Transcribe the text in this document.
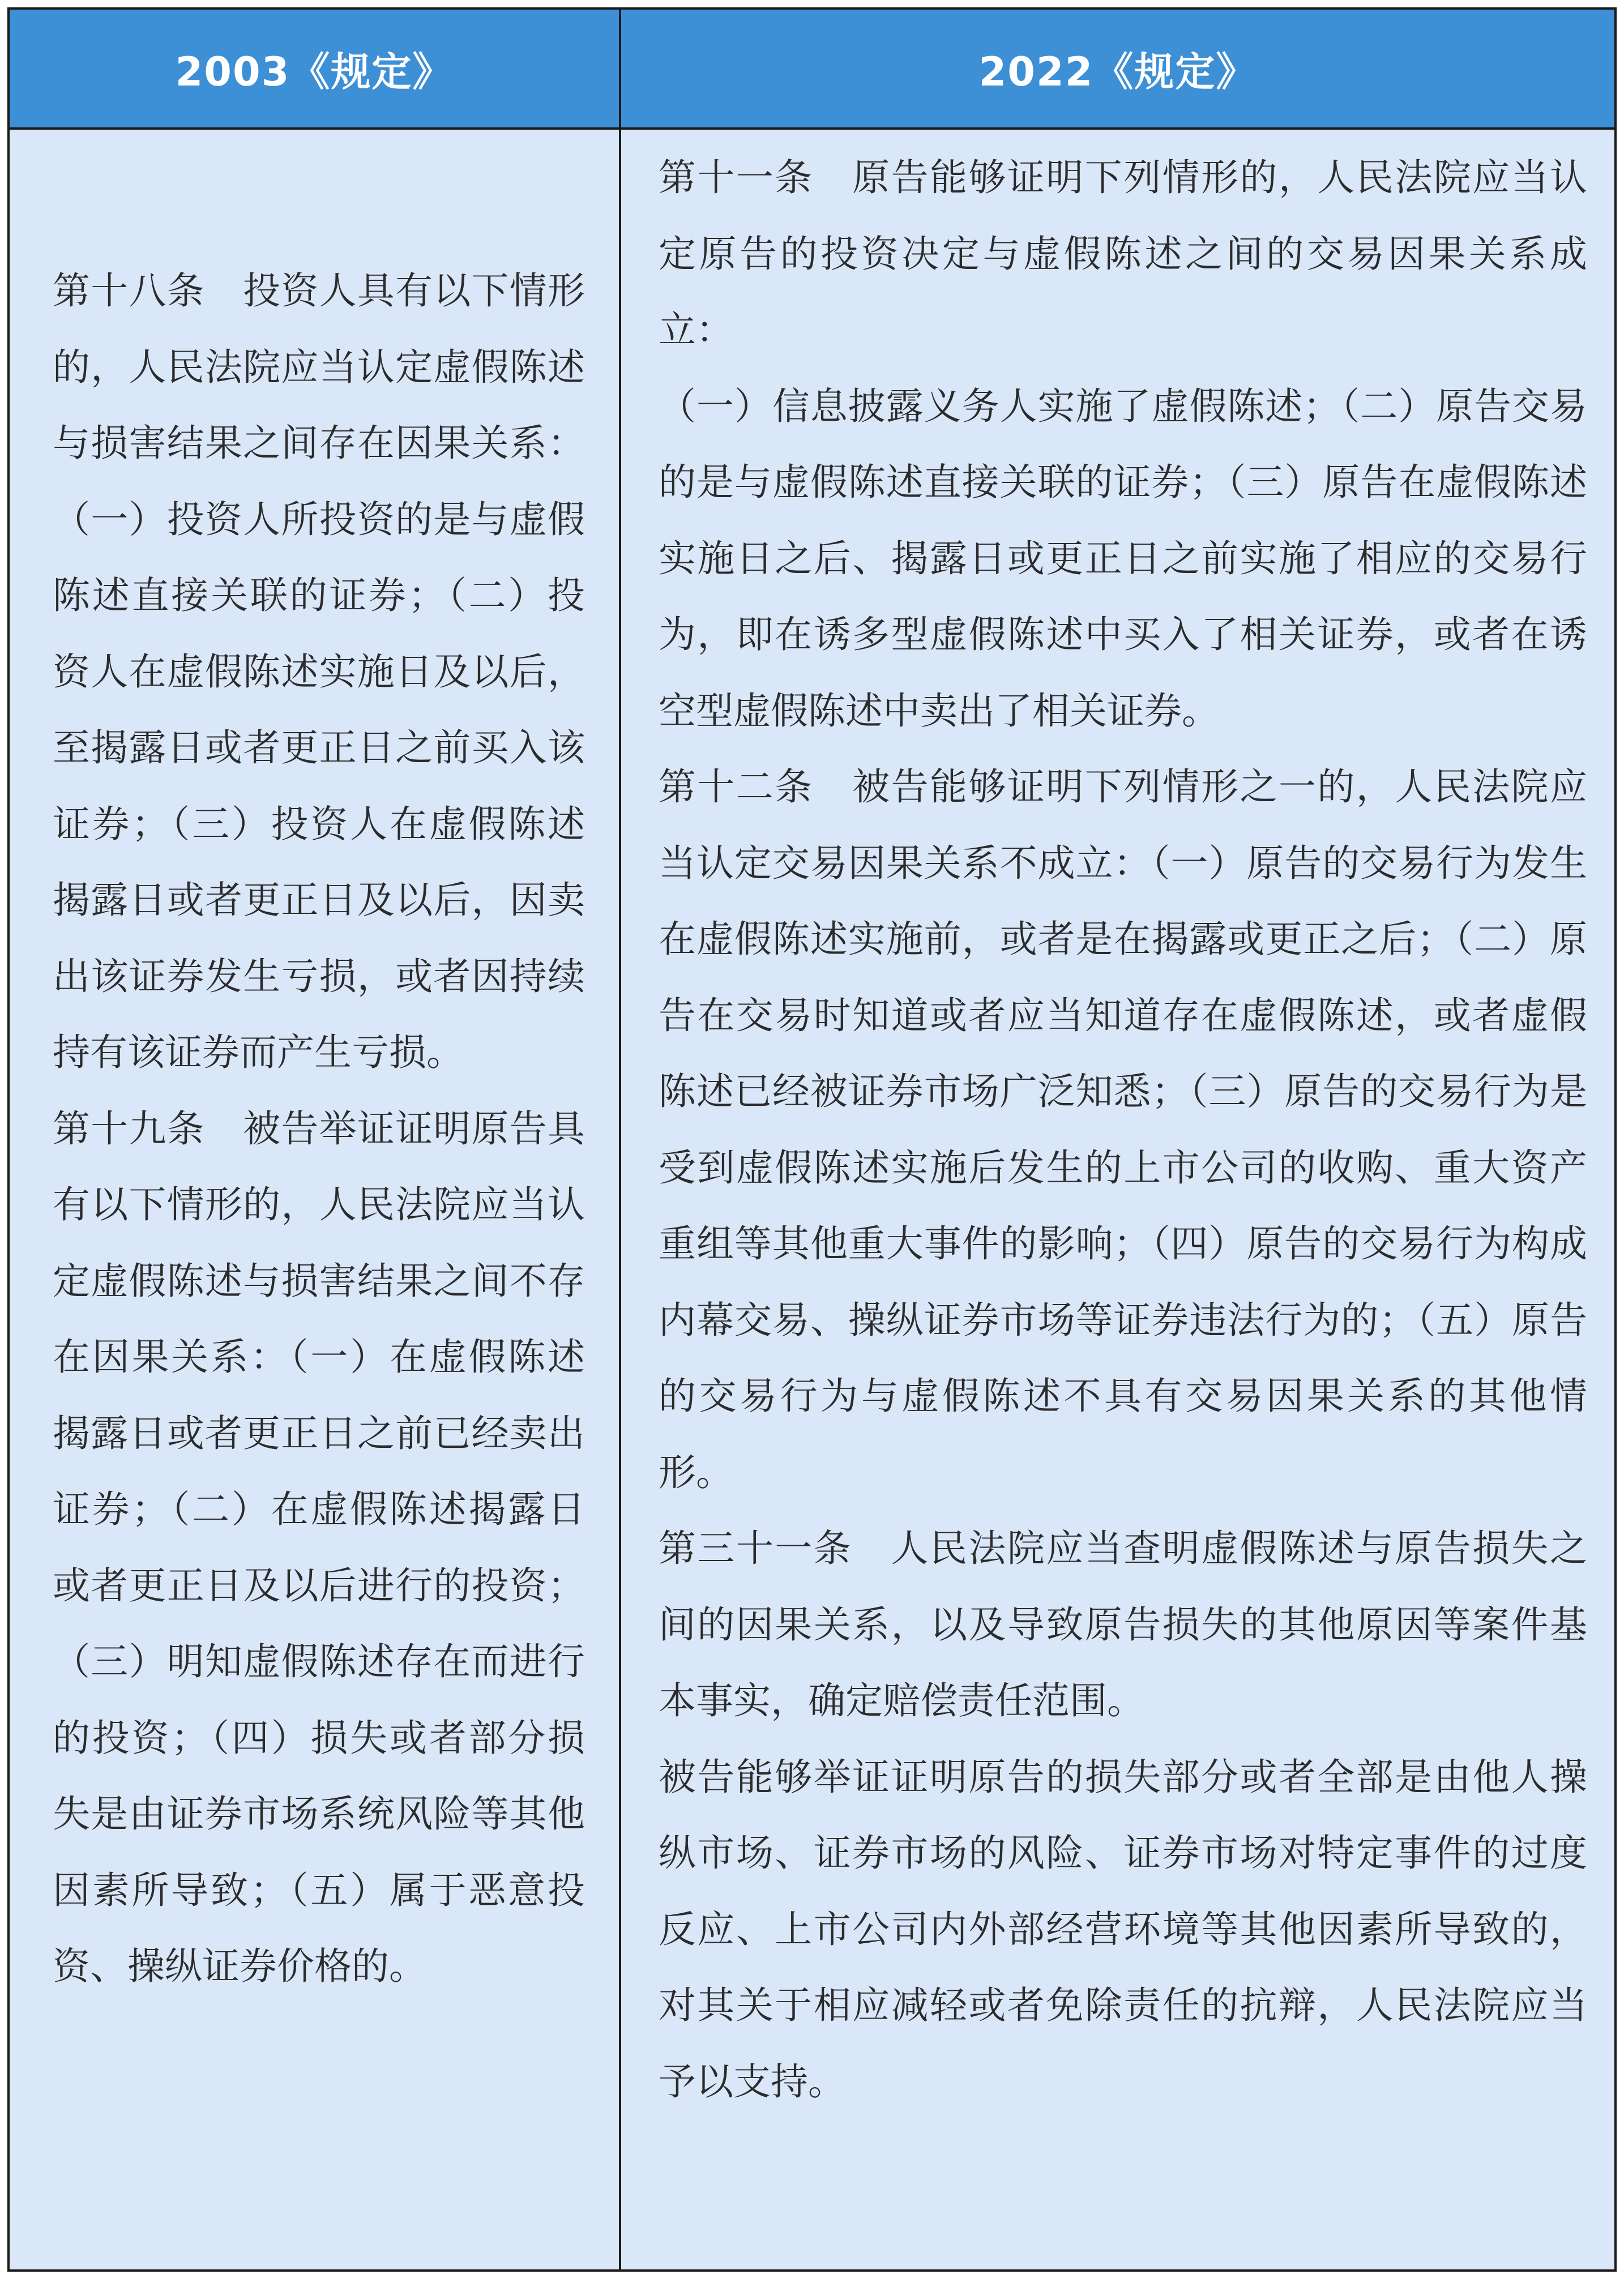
2003《规定》	2022《规定》

第十八条　投资人具有以下情形的，人民法院应当认定虚假陈述与损害结果之间存在因果关系：（一）投资人所投资的是与虚假陈述直接关联的证券；（二）投资人在虚假陈述实施日及以后，至揭露日或者更正日之前买入该证券；（三）投资人在虚假陈述揭露日或者更正日及以后，因卖出该证券发生亏损，或者因持续持有该证券而产生亏损。

第十九条　被告举证证明原告具有以下情形的，人民法院应当认定虚假陈述与损害结果之间不存在因果关系：（一）在虚假陈述揭露日或者更正日之前已经卖出证券；（二）在虚假陈述揭露日或者更正日及以后进行的投资；（三）明知虚假陈述存在而进行的投资；（四）损失或者部分损失是由证券市场系统风险等其他因素所导致；（五）属于恶意投资、操纵证券价格的。

第十一条　原告能够证明下列情形的，人民法院应当认定原告的投资决定与虚假陈述之间的交易因果关系成立：

（一）信息披露义务人实施了虚假陈述；（二）原告交易的是与虚假陈述直接关联的证券；（三）原告在虚假陈述实施日之后、揭露日或更正日之前实施了相应的交易行为，即在诱多型虚假陈述中买入了相关证券，或者在诱空型虚假陈述中卖出了相关证券。

第十二条　被告能够证明下列情形之一的，人民法院应当认定交易因果关系不成立：（一）原告的交易行为发生在虚假陈述实施前，或者是在揭露或更正之后；（二）原告在交易时知道或者应当知道存在虚假陈述，或者虚假陈述已经被证券市场广泛知悉；（三）原告的交易行为是受到虚假陈述实施后发生的上市公司的收购、重大资产重组等其他重大事件的影响；（四）原告的交易行为构成内幕交易、操纵证券市场等证券违法行为的；（五）原告的交易行为与虚假陈述不具有交易因果关系的其他情形。

第三十一条　人民法院应当查明虚假陈述与原告损失之间的因果关系，以及导致原告损失的其他原因等案件基本事实，确定赔偿责任范围。

被告能够举证证明原告的损失部分或者全部是由他人操纵市场、证券市场的风险、证券市场对特定事件的过度反应、上市公司内外部经营环境等其他因素所导致的，对其关于相应减轻或者免除责任的抗辩，人民法院应当予以支持。
